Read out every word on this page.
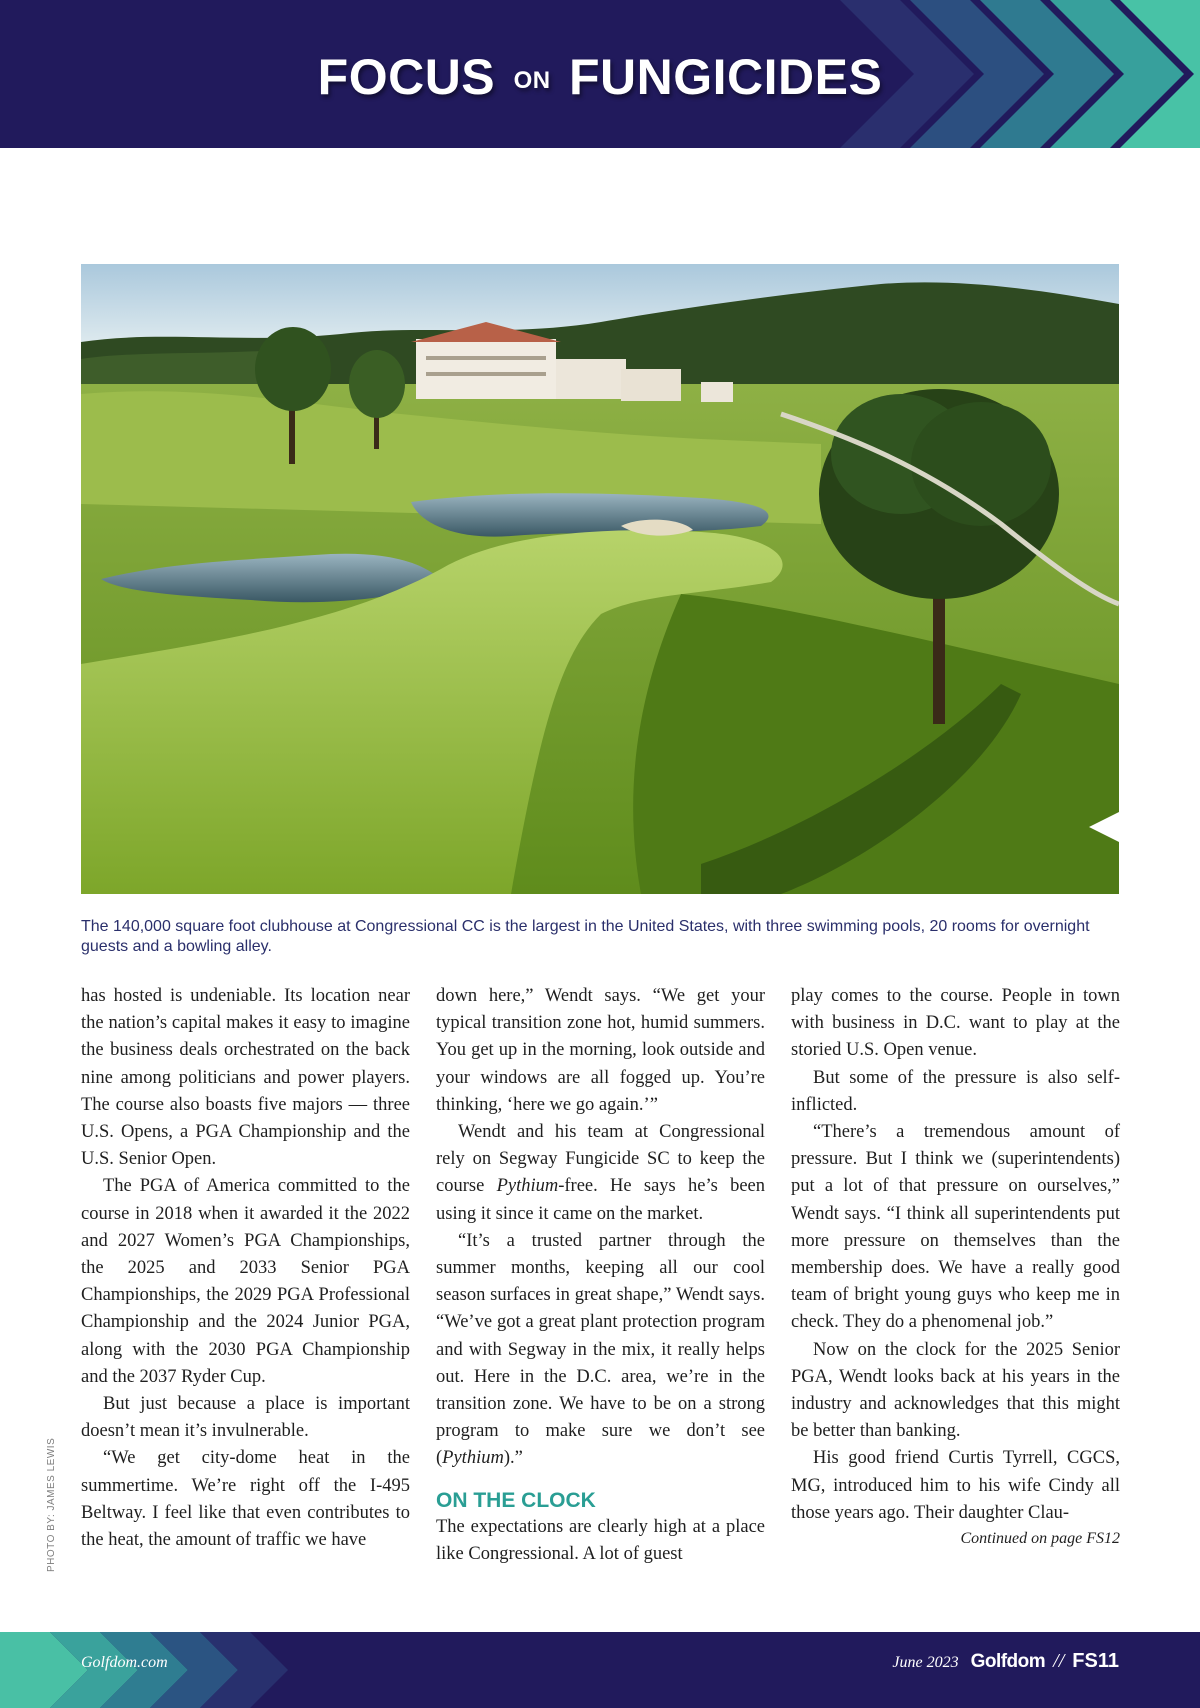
FOCUS ON FUNGICIDES
PHOTO BY: JAMES LEWIS
The 140,000 square foot clubhouse at Congressional CC is the largest in the United States, with three swimming pools, 20 rooms for overnight guests and a bowling alley.

has hosted is undeniable. Its location near the nation’s capital makes it easy to imagine the business deals orchestrated on the back nine among politicians and power players. The course also boasts five majors — three U.S. Opens, a PGA Championship and the U.S. Senior Open.

The PGA of America committed to the course in 2018 when it awarded it the 2022 and 2027 Women’s PGA Championships, the 2025 and 2033 Senior PGA Championships, the 2029 PGA Professional Championship and the 2024 Junior PGA, along with the 2030 PGA Championship and the 2037 Ryder Cup.

But just because a place is important doesn’t mean it’s invulnerable.

“We get city-dome heat in the summertime. We’re right off the I-495 Beltway. I feel like that even contributes to the heat, the amount of traffic we have

down here,” Wendt says. “We get your typical transition zone hot, humid summers. You get up in the morning, look outside and your windows are all fogged up. You’re thinking, ‘here we go again.’”

Wendt and his team at Congressional rely on Segway Fungicide SC to keep the course Pythium-free. He says he’s been using it since it came on the market.

“It’s a trusted partner through the summer months, keeping all our cool season surfaces in great shape,” Wendt says. “We’ve got a great plant protection program and with Segway in the mix, it really helps out. Here in the D.C. area, we’re in the transition zone. We have to be on a strong program to make sure we don’t see (Pythium).”

ON THE CLOCK

The expectations are clearly high at a place like Congressional. A lot of guest

play comes to the course. People in town with business in D.C. want to play at the storied U.S. Open venue.

But some of the pressure is also self-inflicted.

“There’s a tremendous amount of pressure. But I think we (superintendents) put a lot of that pressure on ourselves,” Wendt says. “I think all superintendents put more pressure on themselves than the membership does. We have a really good team of bright young guys who keep me in check. They do a phenomenal job.”

Now on the clock for the 2025 Senior PGA, Wendt looks back at his years in the industry and acknowledges that this might be better than banking.

His good friend Curtis Tyrrell, CGCS, MG, introduced him to his wife Cindy all those years ago. Their daughter Clau-

Continued on page FS12
Golfdom.com	June 2023 Golfdom // FS11
